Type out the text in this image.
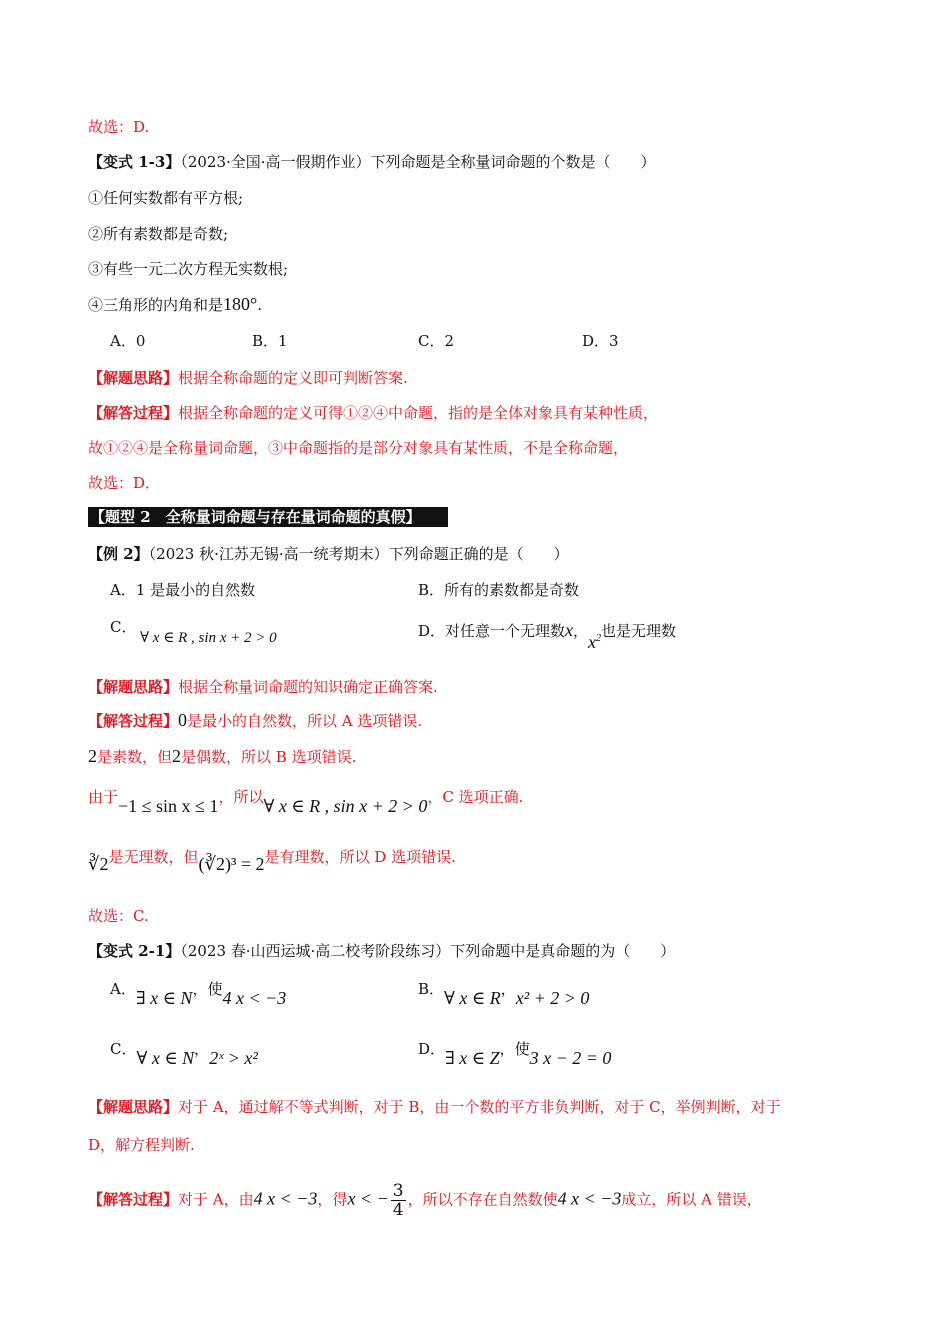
故选：D.
【变式 1-3】（2023·全国·高一假期作业）下列命题是全称量词命题的个数是（　　）
①任何实数都有平方根;
②所有素数都是奇数;
③有些一元二次方程无实数根;
④三角形的内角和是180°.
A．0	B．1	C．2	D．3
【解题思路】根据全称命题的定义即可判断答案.
【解答过程】根据全称命题的定义可得①②④中命题，指的是全体对象具有某种性质，
故①②④是全称量词命题，③中命题指的是部分对象具有某性质，不是全称命题，
故选：D．
【题型 2　全称量词命题与存在量词命题的真假】
【例 2】（2023 秋·江苏无锡·高一统考期末）下列命题正确的是（　　）
A．1 是最小的自然数	B．所有的素数都是奇数
C．
∀ x ∈ R , sin x + 2 > 0	D．对任意一个无理数x，$x^2$也是无理数
【解题思路】根据全称量词命题的知识确定正确答案.
【解答过程】0是最小的自然数，所以 A 选项错误.
2是素数，但2是偶数，所以 B 选项错误.
由于−1 ≤ sin x ≤ 1，所以∀ x ∈ R , sin x + 2 > 0，C 选项正确.
∛2是无理数，但(∛2)³ = 2是有理数，所以 D 选项错误.
故选：C.
【变式 2-1】（2023 春·山西运城·高二校考阶段练习）下列命题中是真命题的为（　　）
A．∃ x ∈ N，使4 x < −3	B．∀ x ∈ R，x² + 2 > 0
C．∀ x ∈ N，2ˣ > x²	D．∃ x ∈ Z，使3 x − 2 = 0
【解题思路】对于 A，通过解不等式判断，对于 B，由一个数的平方非负判断，对于 C，举例判断，对于
D，解方程判断.
【解答过程】对于 A，由4 x < −3，得x < − $\frac{3}{4}$ ，所以不存在自然数使4 x < −3成立，所以 A 错误，
